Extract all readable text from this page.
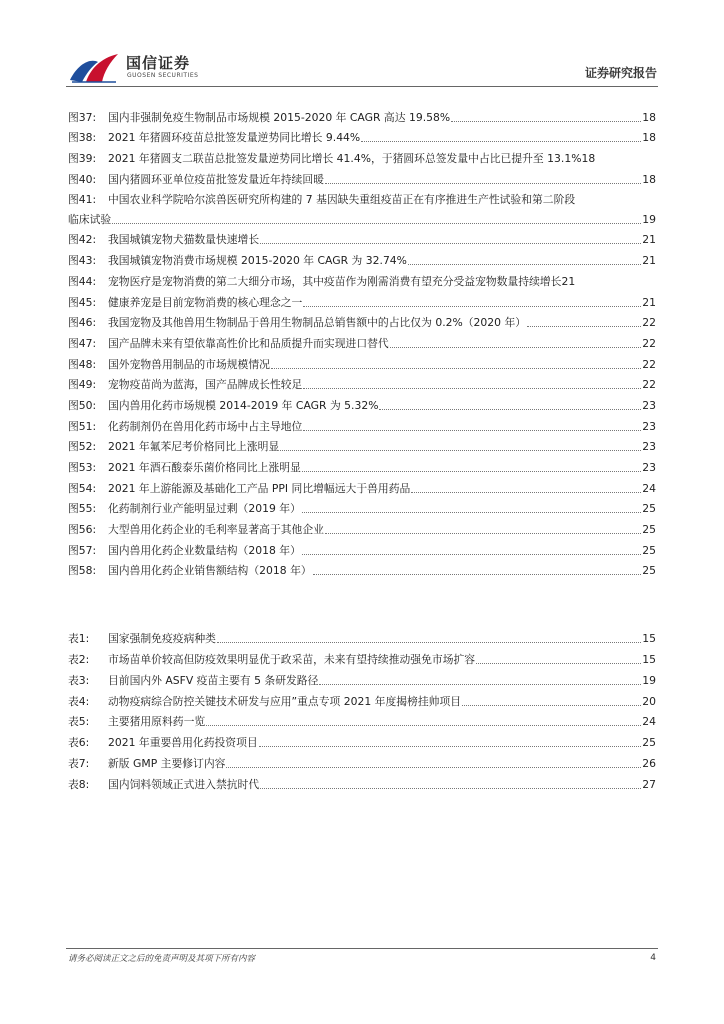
国信证券
GUOSEN SECURITIES	证券研究报告
图37:	国内非强制免疫生物制品市场规模 2015-2020 年 CAGR 高达 19.58%	18
图38:	2021 年猪圆环疫苗总批签发量逆势同比增长 9.44%	18
图39:	2021 年猪圆支二联苗总批签发量逆势同比增长 41.4%，于猪圆环总签发量中占比已提升至 13.1% 18
图40:	国内猪圆环亚单位疫苗批签发量近年持续回暖	18
图41:	中国农业科学院哈尔滨兽医研究所构建的 7 基因缺失重组疫苗正在有序推进生产性试验和第二阶段
临床试验	19
图42:	我国城镇宠物犬猫数量快速增长	21
图43:	我国城镇宠物消费市场规模 2015-2020 年 CAGR 为 32.74%	21
图44:	宠物医疗是宠物消费的第二大细分市场，其中疫苗作为刚需消费有望充分受益宠物数量持续增长 21
图45:	健康养宠是目前宠物消费的核心理念之一	21
图46:	我国宠物及其他兽用生物制品于兽用生物制品总销售额中的占比仅为 0.2%（2020 年）	22
图47:	国产品牌未来有望依靠高性价比和品质提升而实现进口替代	22
图48:	国外宠物兽用制品的市场规模情况	22
图49:	宠物疫苗尚为蓝海，国产品牌成长性较足	22
图50:	国内兽用化药市场规模 2014-2019 年 CAGR 为 5.32%	23
图51:	化药制剂仍在兽用化药市场中占主导地位	23
图52:	2021 年氟苯尼考价格同比上涨明显	23
图53:	2021 年酒石酸泰乐菌价格同比上涨明显	23
图54:	2021 年上游能源及基础化工产品 PPI 同比增幅远大于兽用药品	24
图55:	化药制剂行业产能明显过剩（2019 年）	25
图56:	大型兽用化药企业的毛利率显著高于其他企业	25
图57:	国内兽用化药企业数量结构（2018 年）	25
图58:	国内兽用化药企业销售额结构（2018 年）	25
表1:	国家强制免疫疫病种类	15
表2:	市场苗单价较高但防疫效果明显优于政采苗，未来有望持续推动强免市场扩容	15
表3:	目前国内外 ASFV 疫苗主要有 5 条研发路径	19
表4:	动物疫病综合防控关键技术研发与应用”重点专项 2021 年度揭榜挂帅项目	20
表5:	主要猪用原料药一览	24
表6:	2021 年重要兽用化药投资项目	25
表7:	新版 GMP 主要修订内容	26
表8:	国内饲料领域正式进入禁抗时代	27
请务必阅读正文之后的免责声明及其项下所有内容	4
